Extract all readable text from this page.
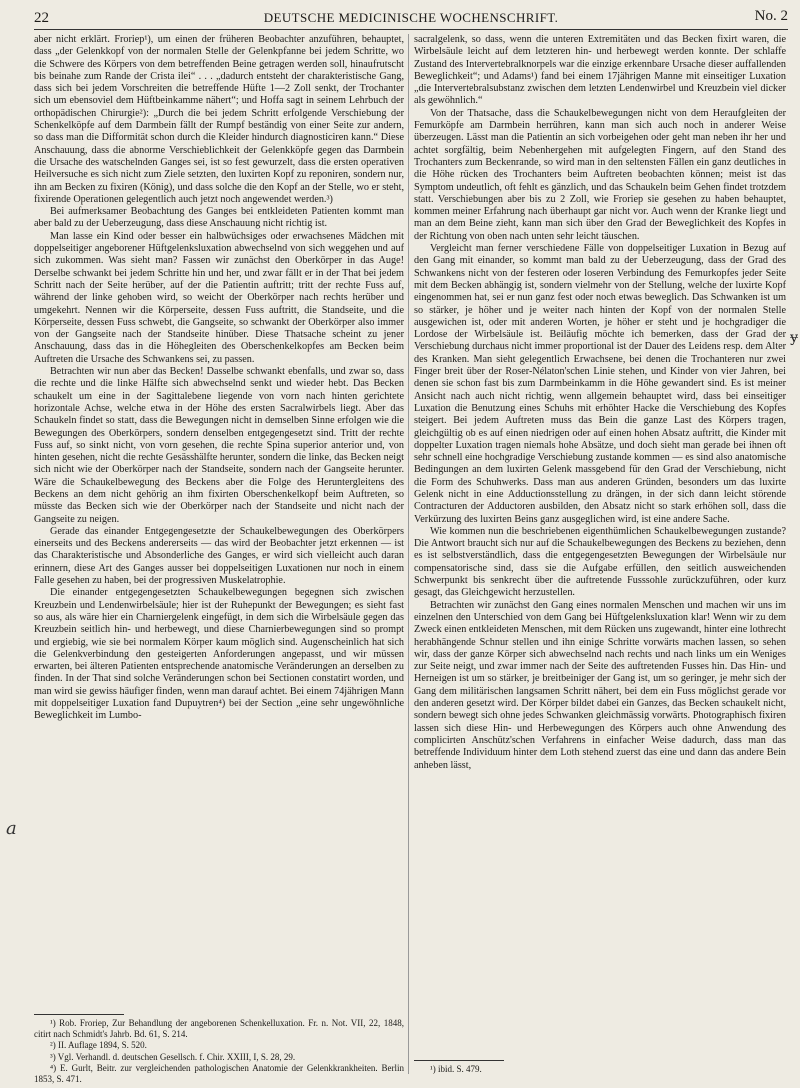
22	DEUTSCHE MEDICINISCHE WOCHENSCHRIFT.	No. 2

aber nicht erklärt. Froriep¹), um einen der früheren Beobachter anzuführen, behauptet, dass „der Gelenkkopf von der normalen Stelle der Gelenkpfanne bei jedem Schritte, wo die Schwere des Körpers von dem betreffenden Beine getragen werden soll, hinaufrutscht bis beinahe zum Rande der Crista ilei“ . . . „dadurch entsteht der charakteristische Gang, dass sich bei jedem Vorschreiten die betreffende Hüfte 1—2 Zoll senkt, der Trochanter sich um ebensoviel dem Hüftbeinkamme nähert“; und Hoffa sagt in seinem Lehrbuch der orthopädischen Chirurgie²): „Durch die bei jedem Schritt erfolgende Verschiebung der Schenkelköpfe auf dem Darmbein fällt der Rumpf beständig von einer Seite zur andern, so dass man die Difformität schon durch die Kleider hindurch diagnosticiren kann.“ Diese Anschauung, dass die abnorme Verschieblichkeit der Gelenkköpfe gegen das Darmbein die Ursache des watschelnden Ganges sei, ist so fest gewurzelt, dass die ersten operativen Heilversuche es sich nicht zum Ziele setzten, den luxirten Kopf zu reponiren, sondern nur, ihn am Becken zu fixiren (König), und dass solche die den Kopf an der Stelle, wo er steht, fixirende Operationen gelegentlich auch jetzt noch angewendet werden.³)

Bei aufmerksamer Beobachtung des Ganges bei entkleideten Patienten kommt man aber bald zu der Ueberzeugung, dass diese Anschauung nicht richtig ist.

Man lasse ein Kind oder besser ein halbwüchsiges oder erwachsenes Mädchen mit doppelseitiger angeborener Hüftgelenksluxation abwechselnd von sich weggehen und auf sich zukommen. Was sieht man? Fassen wir zunächst den Oberkörper in das Auge! Derselbe schwankt bei jedem Schritte hin und her, und zwar fällt er in der That bei jedem Schritt nach der Seite herüber, auf der die Patientin auftritt; tritt der rechte Fuss auf, während der linke gehoben wird, so weicht der Oberkörper nach rechts herüber und umgekehrt. Nennen wir die Körperseite, dessen Fuss auftritt, die Standseite, und die Körperseite, dessen Fuss schwebt, die Gangseite, so schwankt der Oberkörper also immer von der Gangseite nach der Standseite hinüber. Diese Thatsache scheint zu jener Anschauung, dass das in die Höhegleiten des Oberschenkelkopfes am Becken beim Auftreten die Ursache des Schwankens sei, zu passen.

Betrachten wir nun aber das Becken! Dasselbe schwankt ebenfalls, und zwar so, dass die rechte und die linke Hälfte sich abwechselnd senkt und wieder hebt. Das Becken schaukelt um eine in der Sagittalebene liegende von vorn nach hinten gerichtete horizontale Achse, welche etwa in der Höhe des ersten Sacralwirbels liegt. Aber das Schaukeln findet so statt, dass die Bewegungen nicht in demselben Sinne erfolgen wie die Bewegungen des Oberkörpers, sondern denselben entgegengesetzt sind. Tritt der rechte Fuss auf, so sinkt nicht, von vorn gesehen, die rechte Spina superior anterior und, von hinten gesehen, nicht die rechte Gesässhälfte herunter, sondern die linke, das Becken neigt sich nicht wie der Oberkörper nach der Standseite, sondern nach der Gangseite herunter. Wäre die Schaukelbewegung des Beckens aber die Folge des Heruntergleitens des Beckens an dem nicht gehörig an ihm fixirten Oberschenkelkopf beim Auftreten, so müsste das Becken sich wie der Oberkörper nach der Standseite und nicht nach der Gangseite zu neigen.

Gerade das einander Entgegengesetzte der Schaukelbewegungen des Oberkörpers einerseits und des Beckens andererseits — das wird der Beobachter jetzt erkennen — ist das Charakteristische und Absonderliche des Ganges, er wird sich vielleicht auch daran erinnern, diese Art des Ganges ausser bei doppelseitigen Luxationen nur noch in einem Falle gesehen zu haben, bei der progressiven Muskelatrophie.

Die einander entgegengesetzten Schaukelbewegungen begegnen sich zwischen Kreuzbein und Lendenwirbelsäule; hier ist der Ruhepunkt der Bewegungen; es sieht fast so aus, als wäre hier ein Charniergelenk eingefügt, in dem sich die Wirbelsäule gegen das Kreuzbein seitlich hin- und herbewegt, und diese Charnierbewegungen sind so prompt und ergiebig, wie sie bei normalem Körper kaum möglich sind. Augenscheinlich hat sich die Gelenkverbindung den gesteigerten Anforderungen angepasst, und wir müssen erwarten, bei älteren Patienten entsprechende anatomische Veränderungen an derselben zu finden. In der That sind solche Veränderungen schon bei Sectionen constatirt worden, und man wird sie gewiss häufiger finden, wenn man darauf achtet. Bei einem 74jährigen Mann mit doppelseitiger Luxation fand Dupuytren⁴) bei der Section „eine sehr ungewöhnliche Beweglichkeit im Lumbo-

sacralgelenk, so dass, wenn die unteren Extremitäten und das Becken fixirt waren, die Wirbelsäule leicht auf dem letzteren hin- und herbewegt werden konnte. Der schlaffe Zustand des Intervertebralknorpels war die einzige erkennbare Ursache dieser auffallenden Beweglichkeit“; und Adams¹) fand bei einem 17jährigen Manne mit einseitiger Luxation „die Intervertebralsubstanz zwischen dem letzten Lendenwirbel und Kreuzbein viel dicker als gewöhnlich.“

Von der Thatsache, dass die Schaukelbewegungen nicht von dem Heraufgleiten der Femurköpfe am Darmbein herrühren, kann man sich auch noch in anderer Weise überzeugen. Lässt man die Patientin an sich vorbeigehen oder geht man neben ihr her und achtet sorgfältig, beim Nebenhergehen mit aufgelegten Fingern, auf den Stand des Trochanters zum Beckenrande, so wird man in den seltensten Fällen ein ganz deutliches in die Höhe rücken des Trochanters beim Auftreten beobachten können; meist ist das Symptom undeutlich, oft fehlt es gänzlich, und das Schaukeln beim Gehen findet trotzdem statt. Verschiebungen aber bis zu 2 Zoll, wie Froriep sie gesehen zu haben behauptet, kommen meiner Erfahrung nach überhaupt gar nicht vor. Auch wenn der Kranke liegt und man an dem Beine zieht, kann man sich über den Grad der Beweglichkeit des Kopfes in der Richtung von oben nach unten sehr leicht täuschen.

Vergleicht man ferner verschiedene Fälle von doppelseitiger Luxation in Bezug auf den Gang mit einander, so kommt man bald zu der Ueberzeugung, dass der Grad des Schwankens nicht von der festeren oder loseren Verbindung des Femurkopfes jeder Seite mit dem Becken abhängig ist, sondern vielmehr von der Stellung, welche der luxirte Kopf eingenommen hat, sei er nun ganz fest oder noch etwas beweglich. Das Schwanken ist um so stärker, je höher und je weiter nach hinten der Kopf von der normalen Stelle ausgewichen ist, oder mit anderen Worten, je höher er steht und je hochgradiger die Lordose der Wirbelsäule ist. Beiläufig möchte ich bemerken, dass der Grad der Verschiebung durchaus nicht immer proportional ist der Dauer des Leidens resp. dem Alter des Kranken. Man sieht gelegentlich Erwachsene, bei denen die Trochanteren nur zwei Finger breit über der Roser-Nélaton'schen Linie stehen, und Kinder von vier Jahren, bei denen sie schon fast bis zum Darmbeinkamm in die Höhe gewandert sind. Es ist meiner Ansicht nach auch nicht richtig, wenn allgemein behauptet wird, dass bei einseitiger Luxation die Benutzung eines Schuhs mit erhöhter Hacke die Verschiebung des Kopfes steigert. Bei jedem Auftreten muss das Bein die ganze Last des Körpers tragen, gleichgültig ob es auf einen niedrigen oder auf einen hohen Absatz auftritt, die Kinder mit doppelter Luxation tragen niemals hohe Absätze, und doch sieht man gerade bei ihnen oft sehr schnell eine hochgradige Verschiebung zustande kommen — es sind also anatomische Bedingungen an dem luxirten Gelenk massgebend für den Grad der Verschiebung, nicht die Form des Schuhwerks. Dass man aus anderen Gründen, besonders um das luxirte Gelenk nicht in eine Adductionsstellung zu drängen, in der sich dann leicht störende Contracturen der Adductoren ausbilden, den Absatz nicht so stark erhöhen soll, dass die Verkürzung des luxirten Beins ganz ausgeglichen wird, ist eine andere Sache.

Wie kommen nun die beschriebenen eigenthümlichen Schaukelbewegungen zustande? Die Antwort braucht sich nur auf die Schaukelbewegungen des Beckens zu beziehen, denn es ist selbstverständlich, dass die entgegengesetzten Bewegungen der Wirbelsäule nur compensatorische sind, dass sie die Aufgabe erfüllen, den seitlich ausweichenden Schwerpunkt bis senkrecht über die auftretende Fusssohle zurückzuführen, oder kurz gesagt, das Gleichgewicht herzustellen.

Betrachten wir zunächst den Gang eines normalen Menschen und machen wir uns im einzelnen den Unterschied von dem Gang bei Hüftgelenksluxation klar! Wenn wir zu dem Zweck einen entkleideten Menschen, mit dem Rücken uns zugewandt, hinter eine lothrecht herabhängende Schnur stellen und ihn einige Schritte vorwärts machen lassen, so sehen wir, dass der ganze Körper sich abwechselnd nach rechts und nach links um ein Weniges zur Seite neigt, und zwar immer nach der Seite des auftretenden Fusses hin. Das Hin- und Herneigen ist um so stärker, je breitbeiniger der Gang ist, um so geringer, je mehr sich der Gang dem militärischen langsamen Schritt nähert, bei dem ein Fuss möglichst gerade vor den anderen gesetzt wird. Der Körper bildet dabei ein Ganzes, das Becken schaukelt nicht, sondern bewegt sich ohne jedes Schwanken gleichmässig vorwärts. Photographisch fixiren lassen sich diese Hin- und Herbewegungen des Körpers auch ohne Anwendung des complicirten Anschütz'schen Verfahrens in einfacher Weise dadurch, dass man das betreffende Individuum hinter dem Loth stehend zuerst das eine und dann das andere Bein anheben lässt,

¹) Rob. Froriep, Zur Behandlung der angeborenen Schenkelluxation. Fr. n. Not. VII, 22, 1848, citirt nach Schmidt's Jahrb. Bd. 61, S. 214.
²) II. Auflage 1894, S. 520.
³) Vgl. Verhandl. d. deutschen Gesellsch. f. Chir. XXIII, I, S. 28, 29.
⁴) E. Gurlt, Beitr. zur vergleichenden pathologischen Anatomie der Gelenkkrankheiten. Berlin 1853, S. 471.
¹) ibid. S. 479.
a
ɏ
